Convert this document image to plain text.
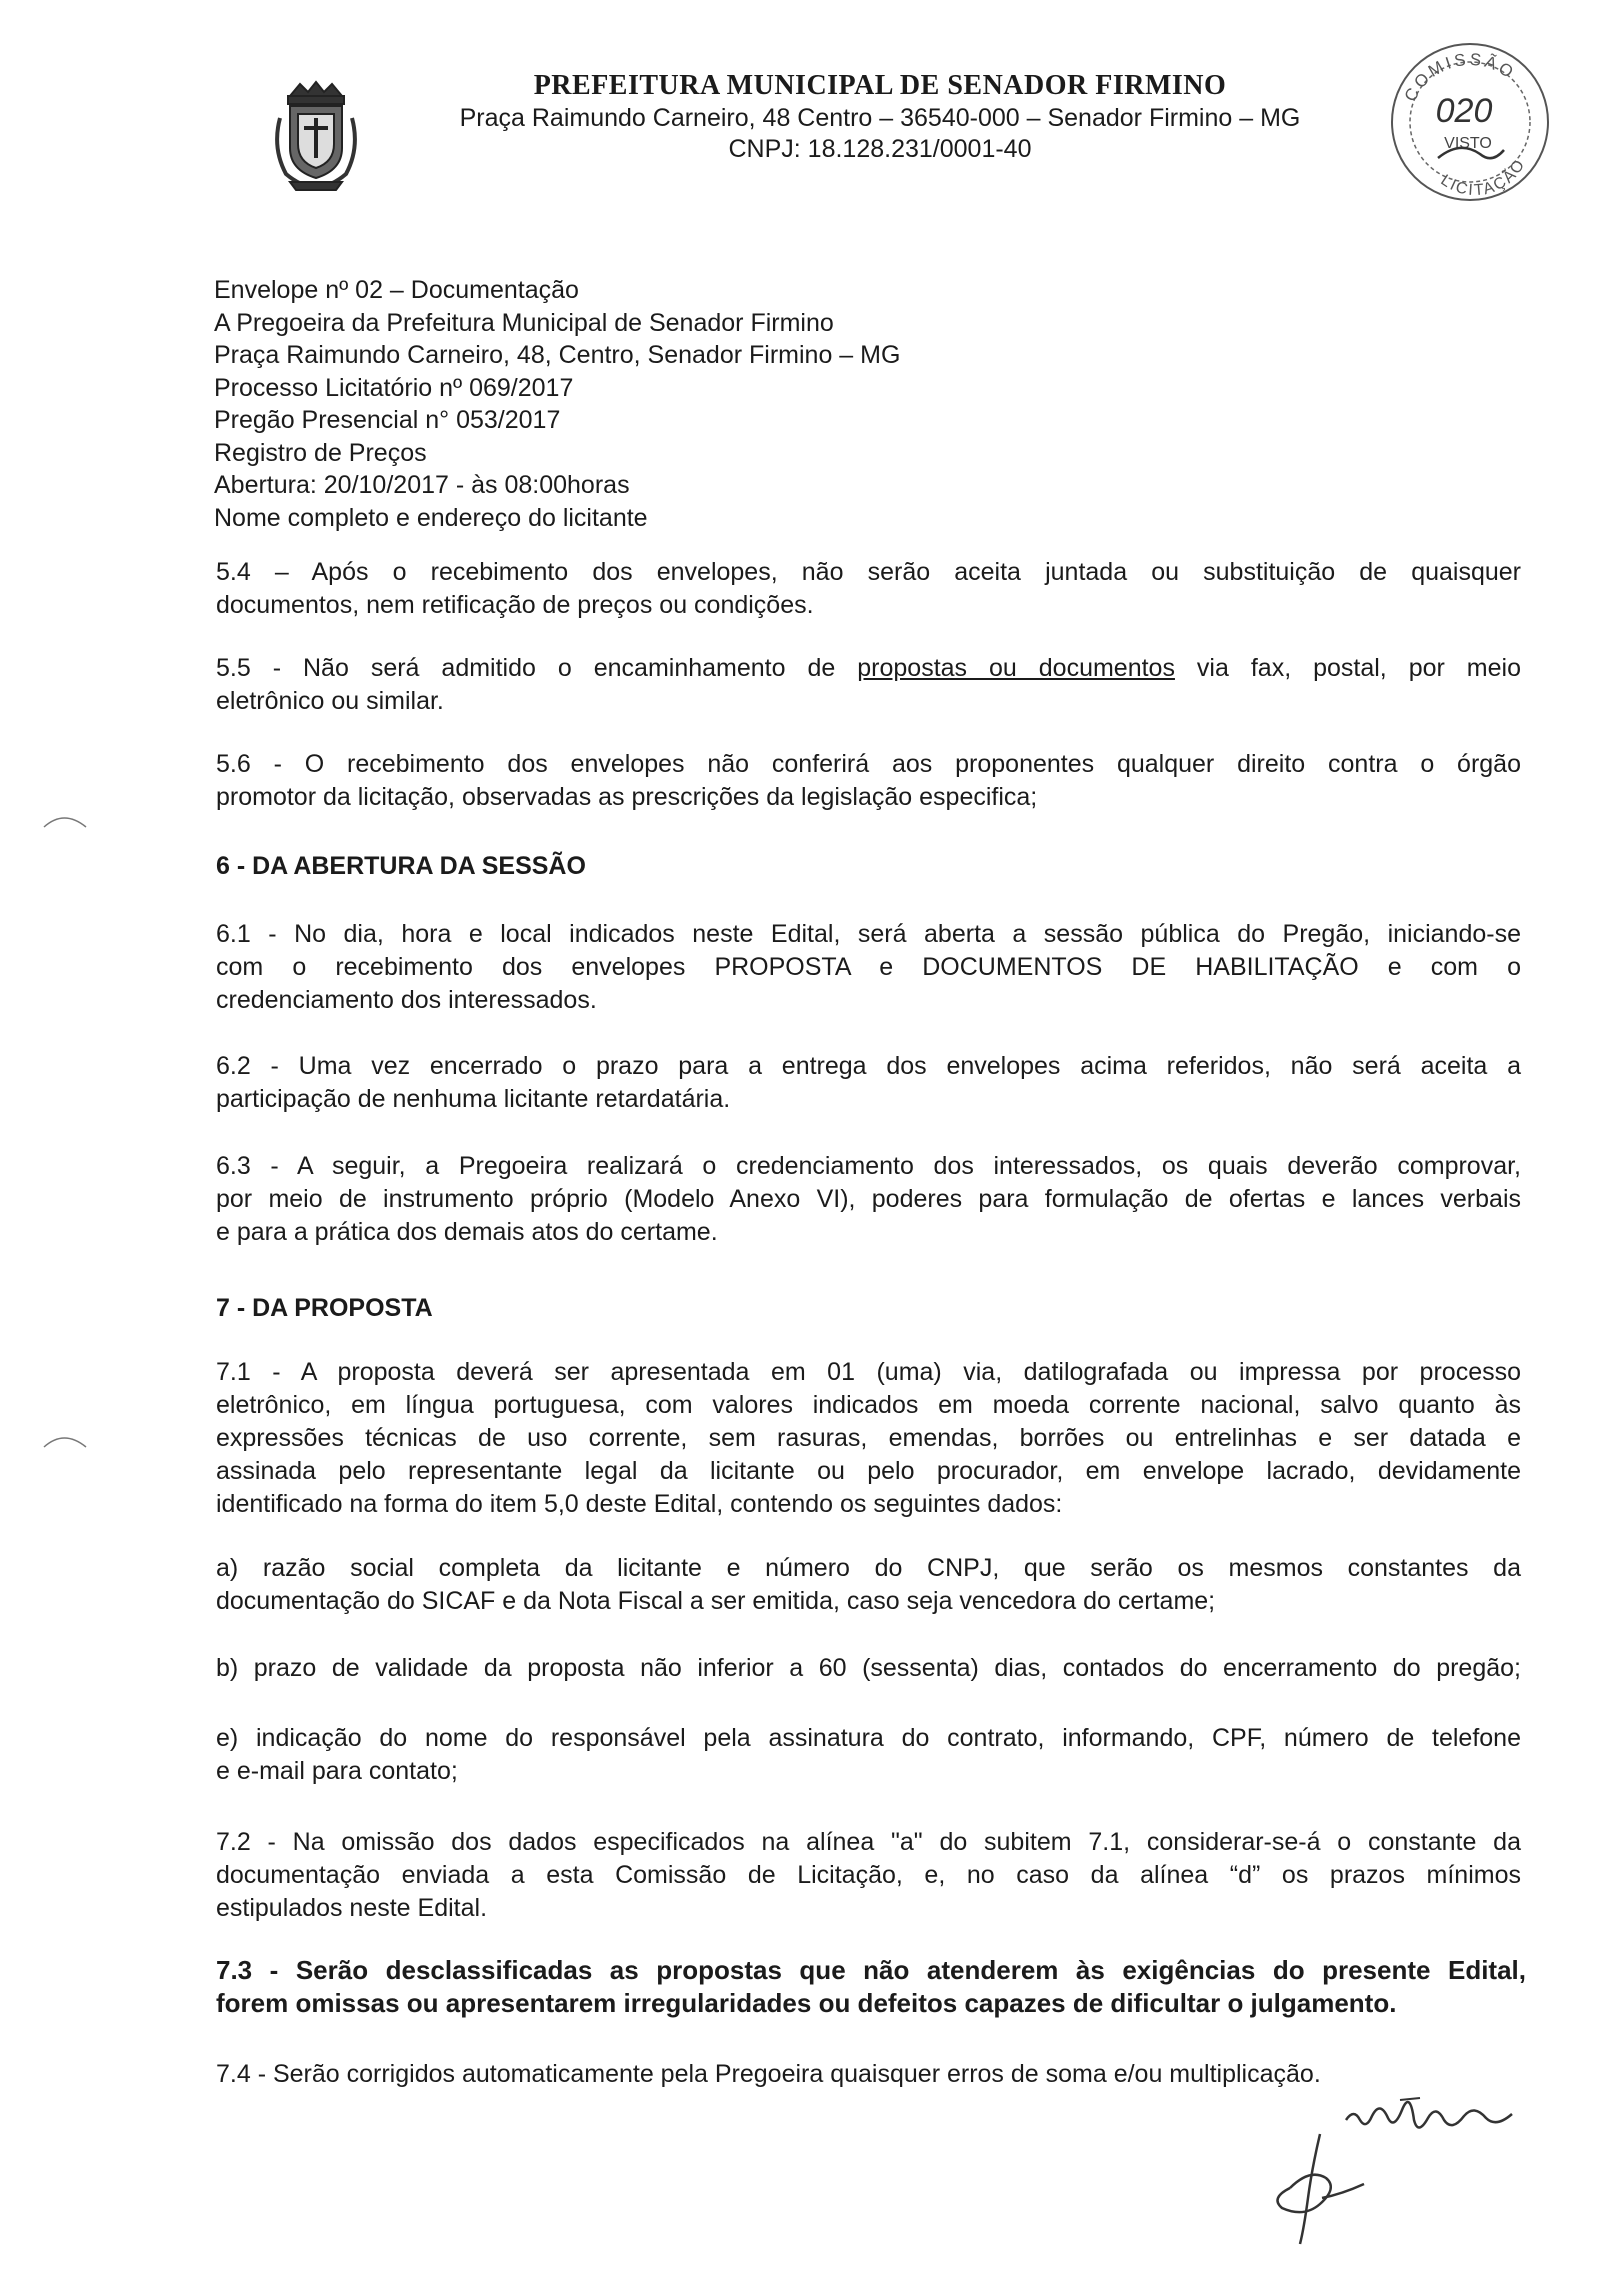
PREFEITURA MUNICIPAL DE SENADOR FIRMINO
Praça Raimundo Carneiro, 48 Centro – 36540-000 – Senador Firmino – MG
CNPJ: 18.128.231/0001-40
COMISSÃO
LICITAÇÃO
020
VISTO
Envelope nº 02 – Documentação
A Pregoeira da Prefeitura Municipal de Senador Firmino
Praça Raimundo Carneiro, 48, Centro, Senador Firmino – MG
Processo Licitatório nº 069/2017
Pregão Presencial n° 053/2017
Registro de Preços
Abertura: 20/10/2017 - às 08:00horas
Nome completo e endereço do licitante
5.4 – Após o recebimento dos envelopes, não serão aceita juntada ou substituição de quaisquer
documentos, nem retificação de preços ou condições.
5.5 - Não será admitido o encaminhamento de propostas ou documentos via fax, postal, por meio
eletrônico ou similar.
5.6 - O recebimento dos envelopes não conferirá aos proponentes qualquer direito contra o órgão
promotor da licitação, observadas as prescrições da legislação especifica;
6 - DA ABERTURA DA SESSÃO
6.1 - No dia, hora e local indicados neste Edital, será aberta a sessão pública do Pregão, iniciando-se
com o recebimento dos envelopes PROPOSTA e DOCUMENTOS DE HABILITAÇÃO e com o
credenciamento dos interessados.
6.2 - Uma vez encerrado o prazo para a entrega dos envelopes acima referidos, não será aceita a
participação de nenhuma licitante retardatária.
6.3 - A seguir, a Pregoeira realizará o credenciamento dos interessados, os quais deverão comprovar,
por meio de instrumento próprio (Modelo Anexo VI), poderes para formulação de ofertas e lances verbais
e para a prática dos demais atos do certame.
7 - DA PROPOSTA
7.1 - A proposta deverá ser apresentada em 01 (uma) via, datilografada ou impressa por processo
eletrônico, em língua portuguesa, com valores indicados em moeda corrente nacional, salvo quanto às
expressões técnicas de uso corrente, sem rasuras, emendas, borrões ou entrelinhas e ser datada e
assinada pelo representante legal da licitante ou pelo procurador, em envelope lacrado, devidamente
identificado na forma do item 5,0 deste Edital, contendo os seguintes dados:
a) razão social completa da licitante e número do CNPJ, que serão os mesmos constantes da
documentação do SICAF e da Nota Fiscal a ser emitida, caso seja vencedora do certame;
b) prazo de validade da proposta não inferior a 60 (sessenta) dias, contados do encerramento do pregão;
e) indicação do nome do responsável pela assinatura do contrato, informando, CPF, número de telefone
e e-mail para contato;
7.2 - Na omissão dos dados especificados na alínea "a" do subitem 7.1, considerar-se-á o constante da
documentação enviada a esta Comissão de Licitação, e, no caso da alínea “d” os prazos mínimos
estipulados neste Edital.
7.3 - Serão desclassificadas as propostas que não atenderem às exigências do presente Edital,
forem omissas ou apresentarem irregularidades ou defeitos capazes de dificultar o julgamento.
7.4 - Serão corrigidos automaticamente pela Pregoeira quaisquer erros de soma e/ou multiplicação.
